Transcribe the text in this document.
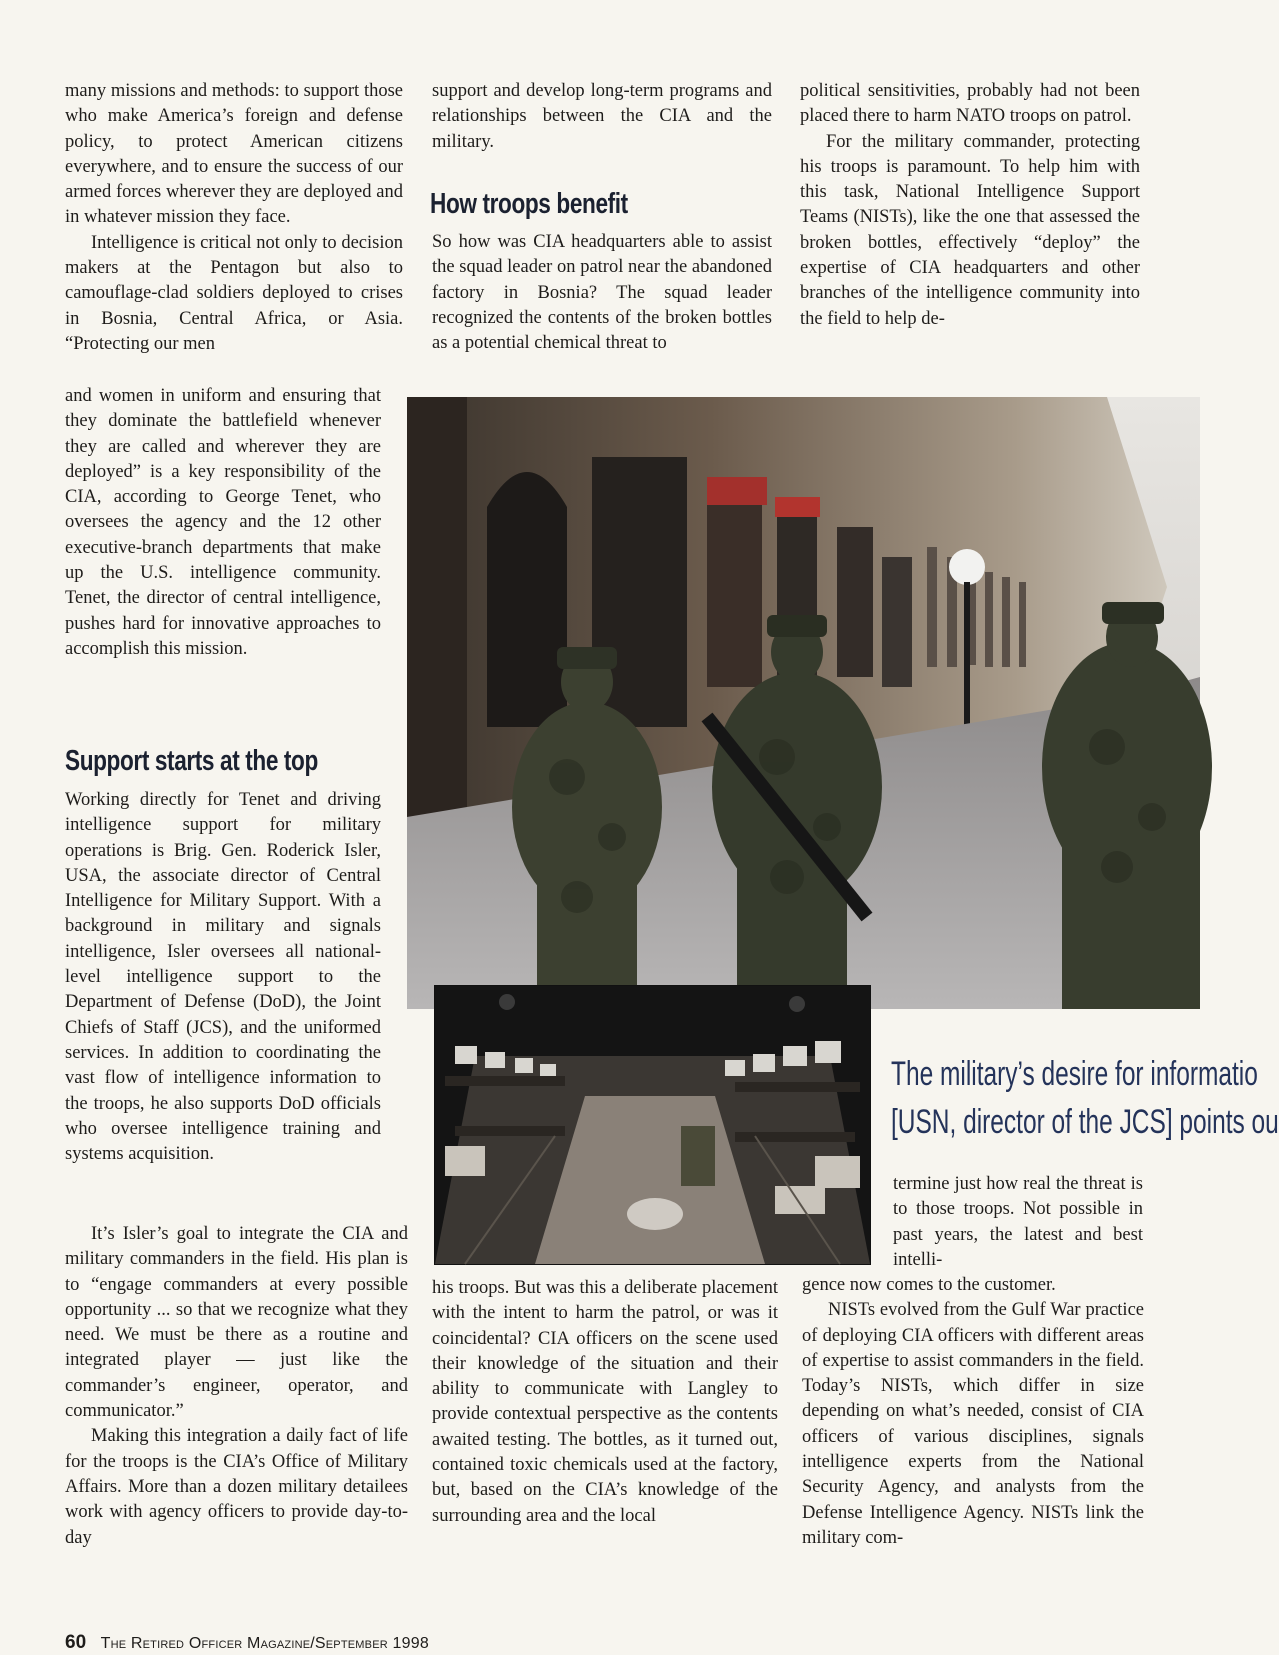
many missions and methods: to support those who make America’s foreign and defense policy, to protect American citizens everywhere, and to ensure the success of our armed forces wherever they are deployed and in whatever mission they face.

Intelligence is critical not only to decision makers at the Pentagon but also to camouflage-clad soldiers deployed to crises in Bosnia, Central Africa, or Asia. “Protecting our men

and women in uniform and ensuring that they dominate the battlefield whenever they are called and wherever they are deployed” is a key responsibility of the CIA, according to George Tenet, who oversees the agency and the 12 other executive-branch departments that make up the U.S. intelligence community. Tenet, the director of central intelligence, pushes hard for innovative approaches to accomplish this mission.

Support starts at the top

Working directly for Tenet and driving intelligence support for military operations is Brig. Gen. Roderick Isler, USA, the associate director of Central Intelligence for Military Support. With a background in military and signals intelligence, Isler oversees all national-level intelligence support to the Department of Defense (DoD), the Joint Chiefs of Staff (JCS), and the uniformed services. In addition to coordinating the vast flow of intelligence information to the troops, he also supports DoD officials who oversee intelligence training and systems acquisition.

It’s Isler’s goal to integrate the CIA and military commanders in the field. His plan is to “engage commanders at every possible opportunity ... so that we recognize what they need. We must be there as a routine and integrated player — just like the commander’s engineer, operator, and communicator.”

Making this integration a daily fact of life for the troops is the CIA’s Office of Military Affairs. More than a dozen military detailees work with agency officers to provide day-to-day

support and develop long-term programs and relationships between the CIA and the military.

How troops benefit

So how was CIA headquarters able to assist the squad leader on patrol near the abandoned factory in Bosnia? The squad leader recognized the contents of the broken bottles as a potential chemical threat to

his troops. But was this a deliberate placement with the intent to harm the patrol, or was it coincidental? CIA officers on the scene used their knowledge of the situation and their ability to communicate with Langley to provide contextual perspective as the contents awaited testing. The bottles, as it turned out, contained toxic chemicals used at the factory, but, based on the CIA’s knowledge of the surrounding area and the local

political sensitivities, probably had not been placed there to harm NATO troops on patrol.

For the military commander, protecting his troops is paramount. To help him with this task, National Intelligence Support Teams (NISTs), like the one that assessed the broken bottles, effectively “deploy” the expertise of CIA headquarters and other branches of the intelligence community into the field to help de-

termine just how real the threat is to those troops. Not possible in past years, the latest and best intelli-

gence now comes to the customer.

NISTs evolved from the Gulf War practice of deploying CIA officers with different areas of expertise to assist commanders in the field. Today’s NISTs, which differ in size depending on what’s needed, consist of CIA officers of various disciplines, signals intelligence experts from the National Security Agency, and analysts from the Defense Intelligence Agency. NISTs link the military com-

The military’s desire for informatio
[USN, director of the JCS] points ou
60 The Retired Officer Magazine/September 1998
